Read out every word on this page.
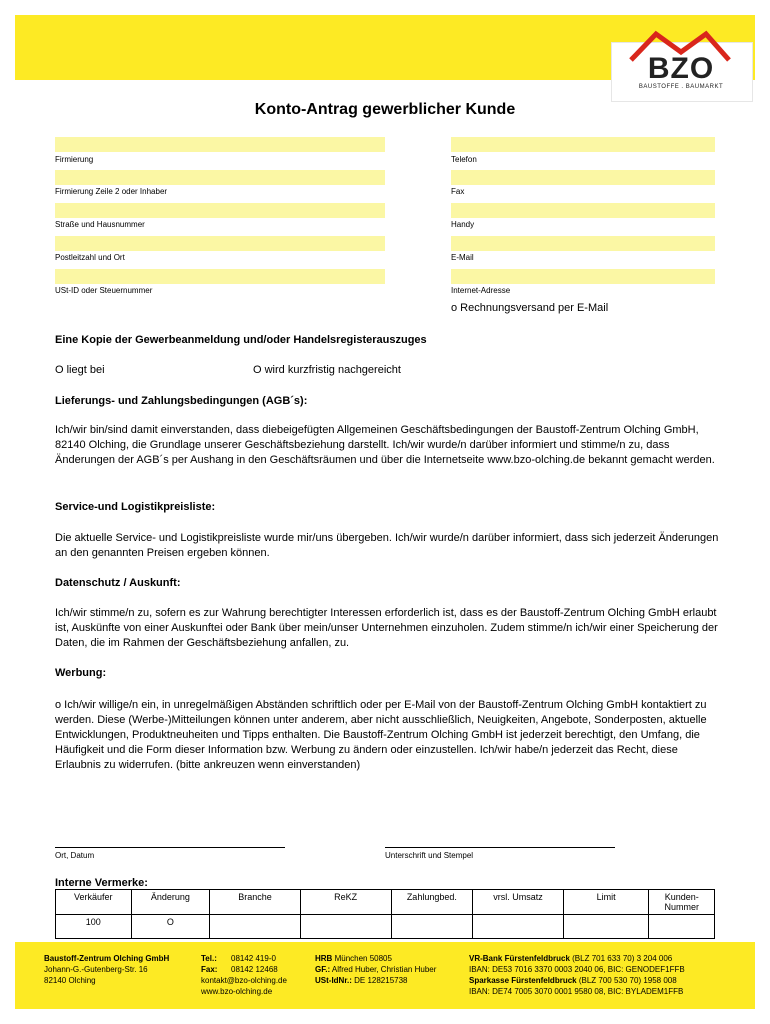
BZO
BAUSTOFFE . BAUMARKT
Konto-Antrag gewerblicher Kunde
Firmierung
Firmierung Zeile 2 oder Inhaber
Straße und Hausnummer
Postleitzahl und Ort
USt-ID oder Steuernummer
Telefon
Fax
Handy
E-Mail
Internet-Adresse
o Rechnungsversand per E-Mail
Eine Kopie der Gewerbeanmeldung und/oder Handelsregisterauszuges
O liegt bei	O wird kurzfristig nachgereicht
Lieferungs- und Zahlungsbedingungen (AGB´s):
Ich/wir bin/sind damit einverstanden, dass diebeigefügten Allgemeinen Geschäftsbedingungen der Baustoff-Zentrum Olching GmbH, 82140 Olching, die Grundlage unserer Geschäftsbeziehung darstellt. Ich/wir wurde/n darüber informiert und stimme/n zu, dass Änderungen der AGB´s per Aushang in den Geschäftsräumen und über die Internetseite www.bzo-olching.de bekannt gemacht werden.
Service-und Logistikpreisliste:
Die aktuelle Service- und Logistikpreisliste wurde mir/uns übergeben. Ich/wir wurde/n darüber informiert, dass sich jederzeit Änderungen an den genannten Preisen ergeben können.
Datenschutz / Auskunft:
Ich/wir stimme/n zu, sofern es zur Wahrung berechtigter Interessen erforderlich ist, dass es der Baustoff-Zentrum Olching GmbH erlaubt ist, Auskünfte von einer Auskunftei oder Bank über mein/unser Unternehmen einzuholen. Zudem stimme/n ich/wir einer Speicherung der Daten, die im Rahmen der Geschäftsbeziehung anfallen, zu.
Werbung:
o Ich/wir willige/n ein, in unregelmäßigen Abständen schriftlich oder per E-Mail von der Baustoff-Zentrum Olching GmbH kontaktiert zu werden. Diese (Werbe-)Mitteilungen können unter anderem, aber nicht ausschließlich, Neuigkeiten, Angebote, Sonderposten, aktuelle Entwicklungen, Produktneuheiten und Tipps enthalten. Die Baustoff-Zentrum Olching GmbH ist jederzeit berechtigt, den Umfang, die Häufigkeit und die Form dieser Information bzw. Werbung zu ändern oder einzustellen. Ich/wir habe/n jederzeit das Recht, diese Erlaubnis zu widerrufen. (bitte ankreuzen wenn einverstanden)
Ort, Datum	Unterschrift und Stempel
Interne Vermerke:
Verkäufer	Änderung	Branche	ReKZ	Zahlungbed.	vrsl. Umsatz	Limit	Kunden-Nummer
100	O						
Baustoff-Zentrum Olching GmbH
Johann-G.-Gutenberg-Str. 16
82140 Olching
Tel.: 08142 419-0
Fax: 08142 12468
kontakt@bzo-olching.de
www.bzo-olching.de
HRB München 50805
GF.: Alfred Huber, Christian Huber
USt-IdNr.: DE 128215738
VR-Bank Fürstenfeldbruck (BLZ 701 633 70) 3 204 006
IBAN: DE53 7016 3370 0003 2040 06, BIC: GENODEF1FFB
Sparkasse Fürstenfeldbruck (BLZ 700 530 70) 1958 008
IBAN: DE74 7005 3070 0001 9580 08, BIC: BYLADEM1FFB
